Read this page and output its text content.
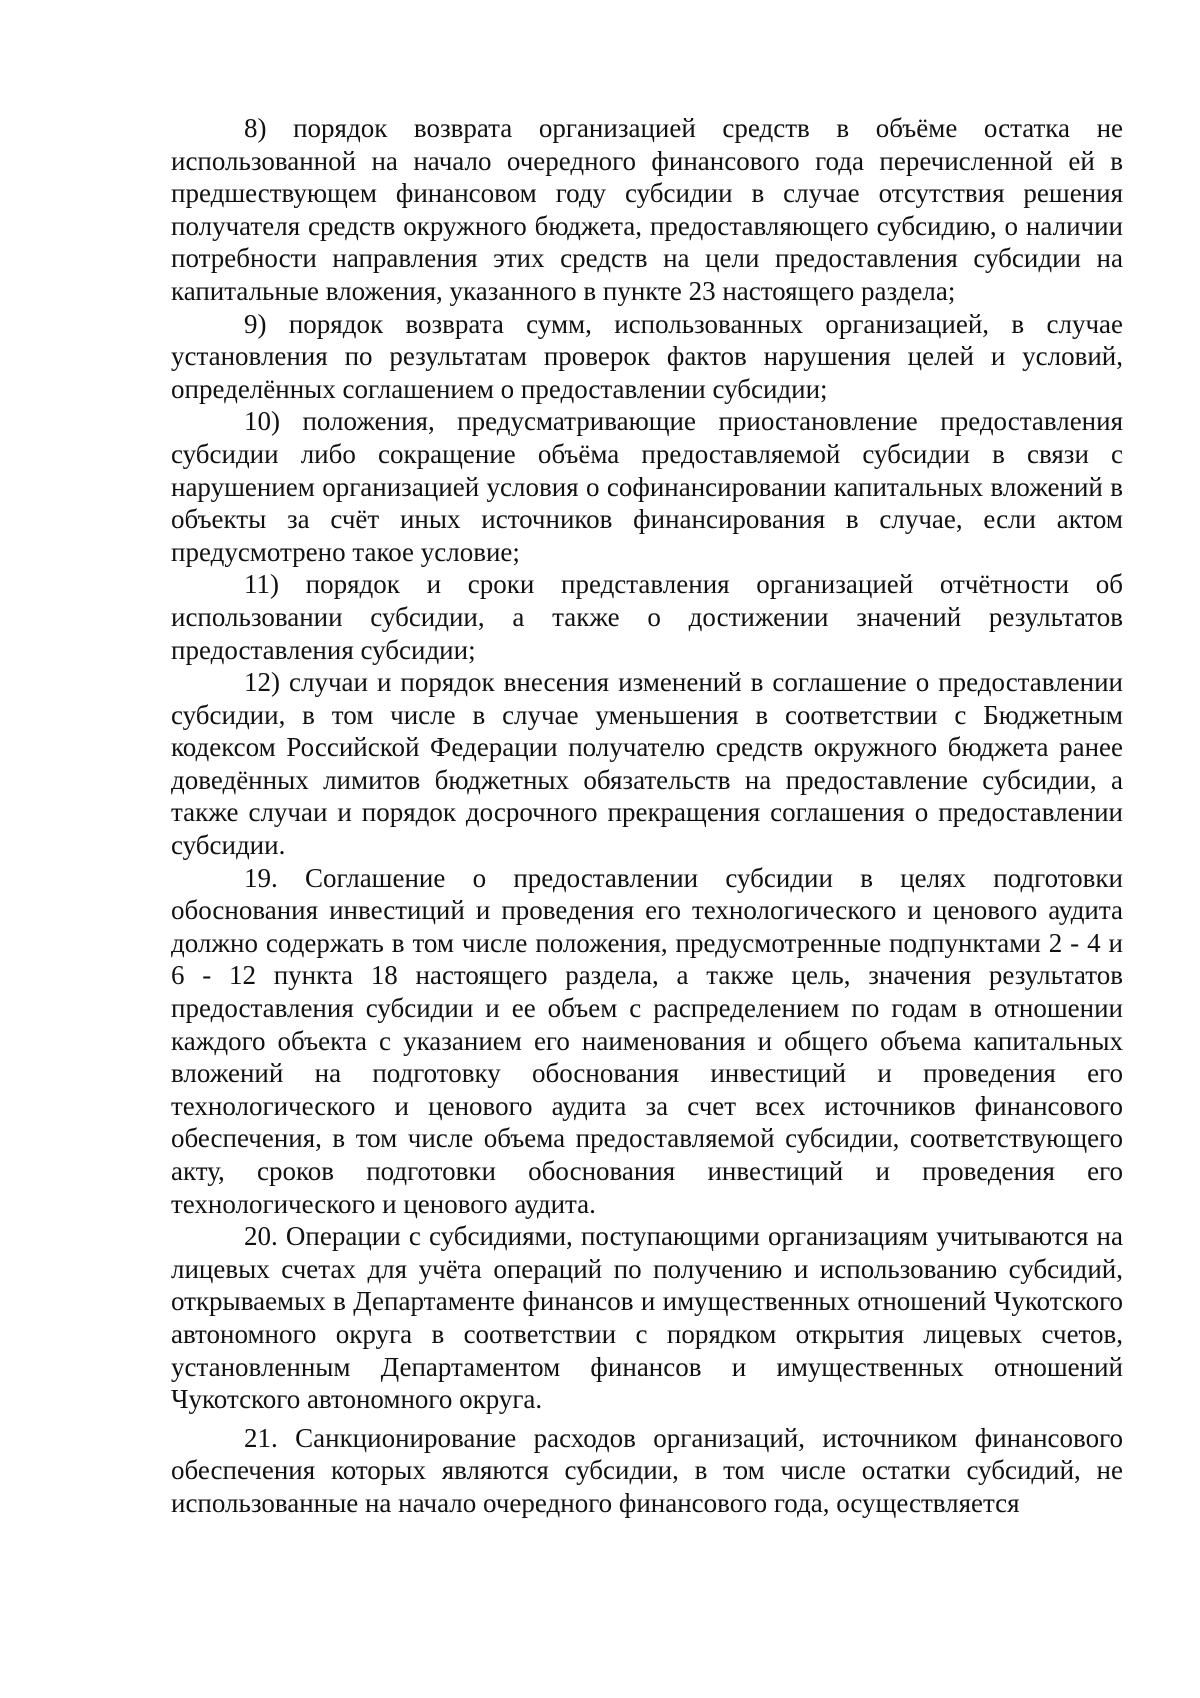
8) порядок возврата организацией средств в объёме остатка не использованной на начало очередного финансового года перечисленной ей в предшествующем финансовом году субсидии в случае отсутствия решения получателя средств окружного бюджета, предоставляющего субсидию, о наличии потребности направления этих средств на цели предоставления субсидии на капитальные вложения, указанного в пункте 23 настоящего раздела;

9) порядок возврата сумм, использованных организацией, в случае установления по результатам проверок фактов нарушения целей и условий, определённых соглашением о предоставлении субсидии;

10) положения, предусматривающие приостановление предоставления субсидии либо сокращение объёма предоставляемой субсидии в связи с нарушением организацией условия о софинансировании капитальных вложений в объекты за счёт иных источников финансирования в случае, если актом предусмотрено такое условие;

11) порядок и сроки представления организацией отчётности об использовании субсидии, а также о достижении значений результатов предоставления субсидии;

12) случаи и порядок внесения изменений в соглашение о предоставлении субсидии, в том числе в случае уменьшения в соответствии с Бюджетным кодексом Российской Федерации получателю средств окружного бюджета ранее доведённых лимитов бюджетных обязательств на предоставление субсидии, а также случаи и порядок досрочного прекращения соглашения о предоставлении субсидии.

19. Соглашение о предоставлении субсидии в целях подготовки обоснования инвестиций и проведения его технологического и ценового аудита должно содержать в том числе положения, предусмотренные подпунктами 2 - 4 и 6 - 12 пункта 18 настоящего раздела, а также цель, значения результатов предоставления субсидии и ее объем с распределением по годам в отношении каждого объекта с указанием его наименования и общего объема капитальных вложений на подготовку обоснования инвестиций и проведения его технологического и ценового аудита за счет всех источников финансового обеспечения, в том числе объема предоставляемой субсидии, соответствующего акту, сроков подготовки обоснования инвестиций и проведения его технологического и ценового аудита.

20. Операции с субсидиями, поступающими организациям учитываются на лицевых счетах для учёта операций по получению и использованию субсидий, открываемых в Департаменте финансов и имущественных отношений Чукотского автономного округа в соответствии с порядком открытия лицевых счетов, установленным Департаментом финансов и имущественных отношений Чукотского автономного округа.

21. Санкционирование расходов организаций, источником финансового обеспечения которых являются субсидии, в том числе остатки субсидий, не использованные на начало очередного финансового года, осуществляется
